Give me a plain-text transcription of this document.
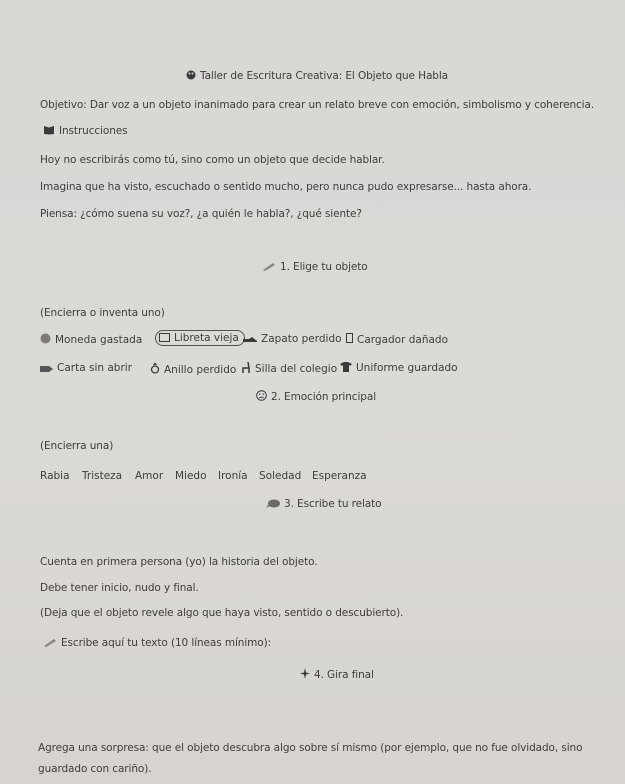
Taller de Escritura Creativa: El Objeto que Habla
Objetivo: Dar voz a un objeto inanimado para crear un relato breve con emoción, simbolismo y coherencia.
Instrucciones
Hoy no escribirás como tú, sino como un objeto que decide hablar.
Imagina que ha visto, escuchado o sentido mucho, pero nunca pudo expresarse... hasta ahora.
Piensa: ¿cómo suena su voz?, ¿a quién le habla?, ¿qué siente?
1. Elige tu objeto
(Encierra o inventa uno)
Moneda gastada	Libreta vieja	Zapato perdido	Cargador dañado
Carta sin abrir	Anillo perdido	Silla del colegio	Uniforme guardado
2. Emoción principal
(Encierra una)
Rabia Tristeza Amor Miedo Ironía Soledad Esperanza
3. Escribe tu relato
Cuenta en primera persona (yo) la historia del objeto.
Debe tener inicio, nudo y final.
(Deja que el objeto revele algo que haya visto, sentido o descubierto).
Escribe aquí tu texto (10 líneas mínimo):
4. Gira final
Agrega una sorpresa: que el objeto descubra algo sobre sí mismo (por ejemplo, que no fue olvidado, sino
guardado con cariño).
